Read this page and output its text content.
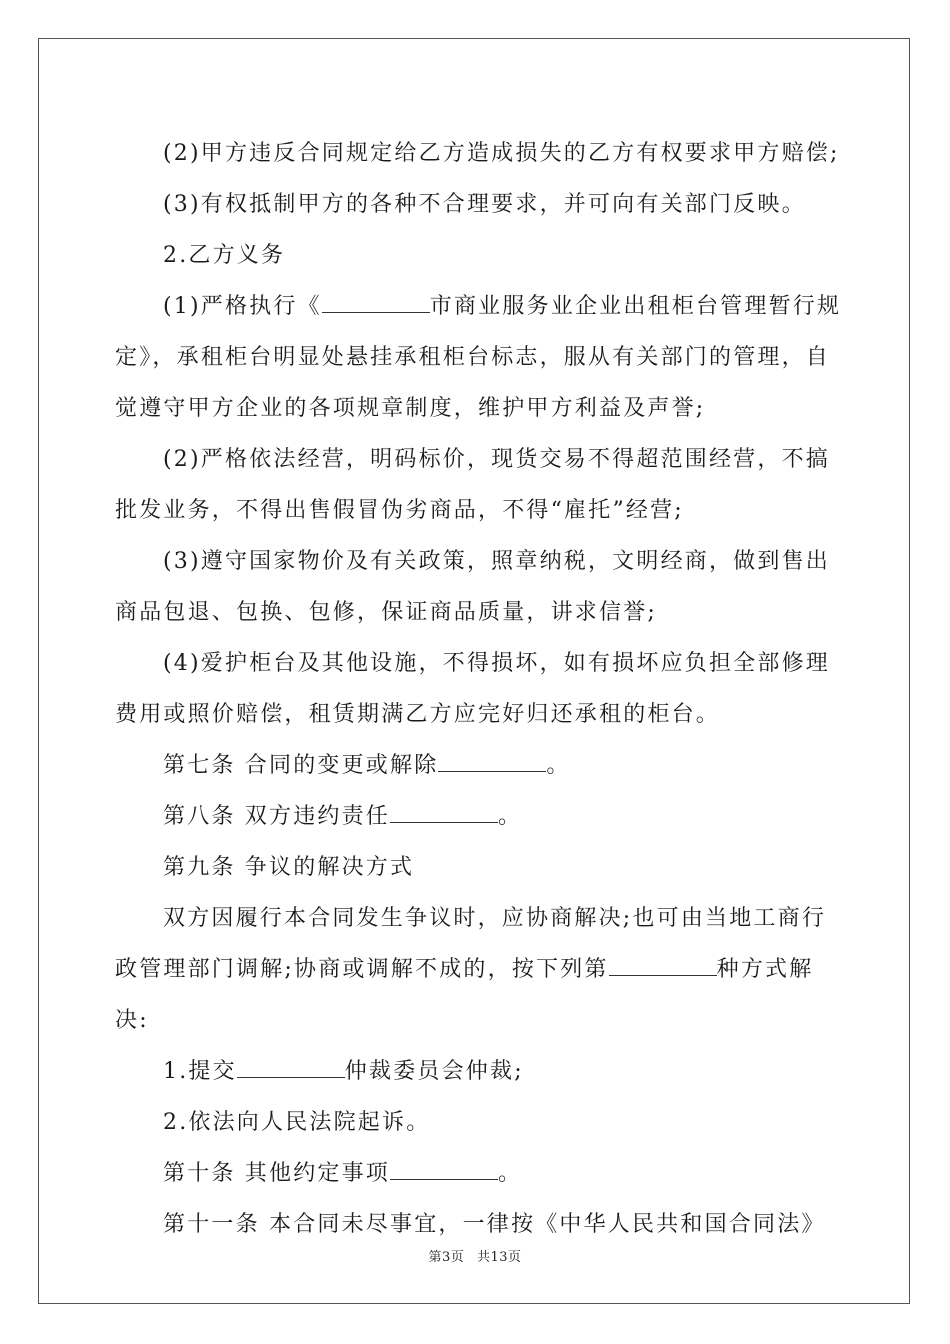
(2)甲方违反合同规定给乙方造成损失的乙方有权要求甲方赔偿;

(3)有权抵制甲方的各种不合理要求，并可向有关部门反映。

2.乙方义务

(1)严格执行《	市商业服务业企业出租柜台管理暂行规定》，承租柜台明显处悬挂承租柜台标志，服从有关部门的管理，自觉遵守甲方企业的各项规章制度，维护甲方利益及声誉;

(2)严格依法经营，明码标价，现货交易不得超范围经营，不搞批发业务，不得出售假冒伪劣商品，不得“雇托”经营;

(3)遵守国家物价及有关政策，照章纳税，文明经商，做到售出商品包退、包换、包修，保证商品质量，讲求信誉;

(4)爱护柜台及其他设施，不得损坏，如有损坏应负担全部修理费用或照价赔偿，租赁期满乙方应完好归还承租的柜台。

第七条 合同的变更或解除	。

第八条 双方违约责任	。

第九条 争议的解决方式

双方因履行本合同发生争议时，应协商解决;也可由当地工商行政管理部门调解;协商或调解不成的，按下列第	种方式解决:

1.提交	仲裁委员会仲裁;

2.依法向人民法院起诉。

第十条 其他约定事项	。

第十一条 本合同未尽事宜，一律按《中华人民共和国合同法》

第3页 共13页
